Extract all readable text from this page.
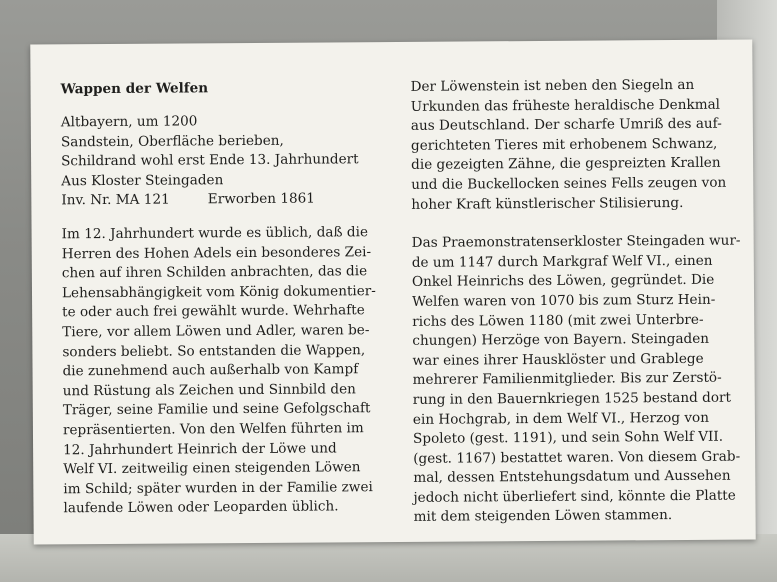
Wappen der Welfen
Altbayern, um 1200
Sandstein, Oberfläche berieben,
Schildrand wohl erst Ende 13. Jahrhundert
Aus Kloster Steingaden
Inv. Nr. MA 121	Erworben 1861
Im 12. Jahrhundert wurde es üblich, daß die
Herren des Hohen Adels ein besonderes Zei-
chen auf ihren Schilden anbrachten, das die
Lehensabhängigkeit vom König dokumentier-
te oder auch frei gewählt wurde. Wehrhafte
Tiere, vor allem Löwen und Adler, waren be-
sonders beliebt. So entstanden die Wappen,
die zunehmend auch außerhalb von Kampf
und Rüstung als Zeichen und Sinnbild den
Träger, seine Familie und seine Gefolgschaft
repräsentierten. Von den Welfen führten im
12. Jahrhundert Heinrich der Löwe und
Welf VI. zeitweilig einen steigenden Löwen
im Schild; später wurden in der Familie zwei
laufende Löwen oder Leoparden üblich.
Der Löwenstein ist neben den Siegeln an
Urkunden das früheste heraldische Denkmal
aus Deutschland. Der scharfe Umriß des auf-
gerichteten Tieres mit erhobenem Schwanz,
die gezeigten Zähne, die gespreizten Krallen
und die Buckellocken seines Fells zeugen von
hoher Kraft künstlerischer Stilisierung.
Das Praemonstratenserkloster Steingaden wur-
de um 1147 durch Markgraf Welf VI., einen
Onkel Heinrichs des Löwen, gegründet. Die
Welfen waren von 1070 bis zum Sturz Hein-
richs des Löwen 1180 (mit zwei Unterbre-
chungen) Herzöge von Bayern. Steingaden
war eines ihrer Hausklöster und Grablege
mehrerer Familienmitglieder. Bis zur Zerstö-
rung in den Bauernkriegen 1525 bestand dort
ein Hochgrab, in dem Welf VI., Herzog von
Spoleto (gest. 1191), und sein Sohn Welf VII.
(gest. 1167) bestattet waren. Von diesem Grab-
mal, dessen Entstehungsdatum und Aussehen
jedoch nicht überliefert sind, könnte die Platte
mit dem steigenden Löwen stammen.
